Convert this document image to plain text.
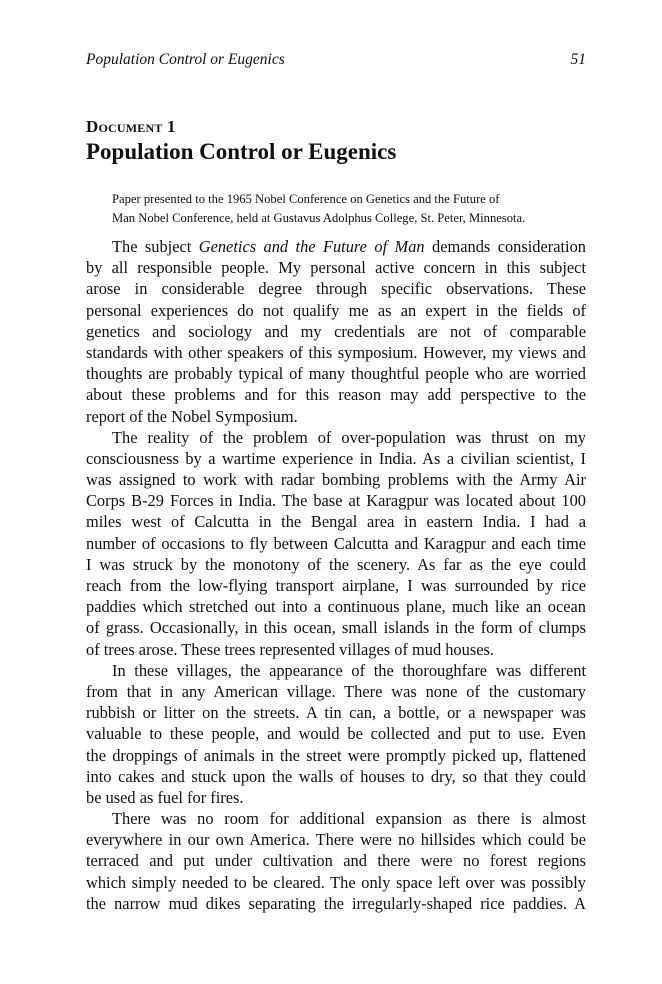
Population Control or Eugenics	51
Document 1
Population Control or Eugenics
Paper presented to the 1965 Nobel Conference on Genetics and the Future of
Man Nobel Conference, held at Gustavus Adolphus College, St. Peter, Minnesota.
The subject Genetics and the Future of Man demands consideration
by all responsible people. My personal active concern in this subject
arose in considerable degree through specific observations. These
personal experiences do not qualify me as an expert in the fields of
genetics and sociology and my credentials are not of comparable
standards with other speakers of this symposium. However, my views and
thoughts are probably typical of many thoughtful people who are worried
about these problems and for this reason may add perspective to the
report of the Nobel Symposium.
The reality of the problem of over-population was thrust on my
consciousness by a wartime experience in India. As a civilian scientist, I
was assigned to work with radar bombing problems with the Army Air
Corps B-29 Forces in India. The base at Karagpur was located about 100
miles west of Calcutta in the Bengal area in eastern India. I had a
number of occasions to fly between Calcutta and Karagpur and each time
I was struck by the monotony of the scenery. As far as the eye could
reach from the low-flying transport airplane, I was surrounded by rice
paddies which stretched out into a continuous plane, much like an ocean
of grass. Occasionally, in this ocean, small islands in the form of clumps
of trees arose. These trees represented villages of mud houses.
In these villages, the appearance of the thoroughfare was different
from that in any American village. There was none of the customary
rubbish or litter on the streets. A tin can, a bottle, or a newspaper was
valuable to these people, and would be collected and put to use. Even
the droppings of animals in the street were promptly picked up, flattened
into cakes and stuck upon the walls of houses to dry, so that they could
be used as fuel for fires.
There was no room for additional expansion as there is almost
everywhere in our own America. There were no hillsides which could be
terraced and put under cultivation and there were no forest regions
which simply needed to be cleared. The only space left over was possibly
the narrow mud dikes separating the irregularly-shaped rice paddies. A
